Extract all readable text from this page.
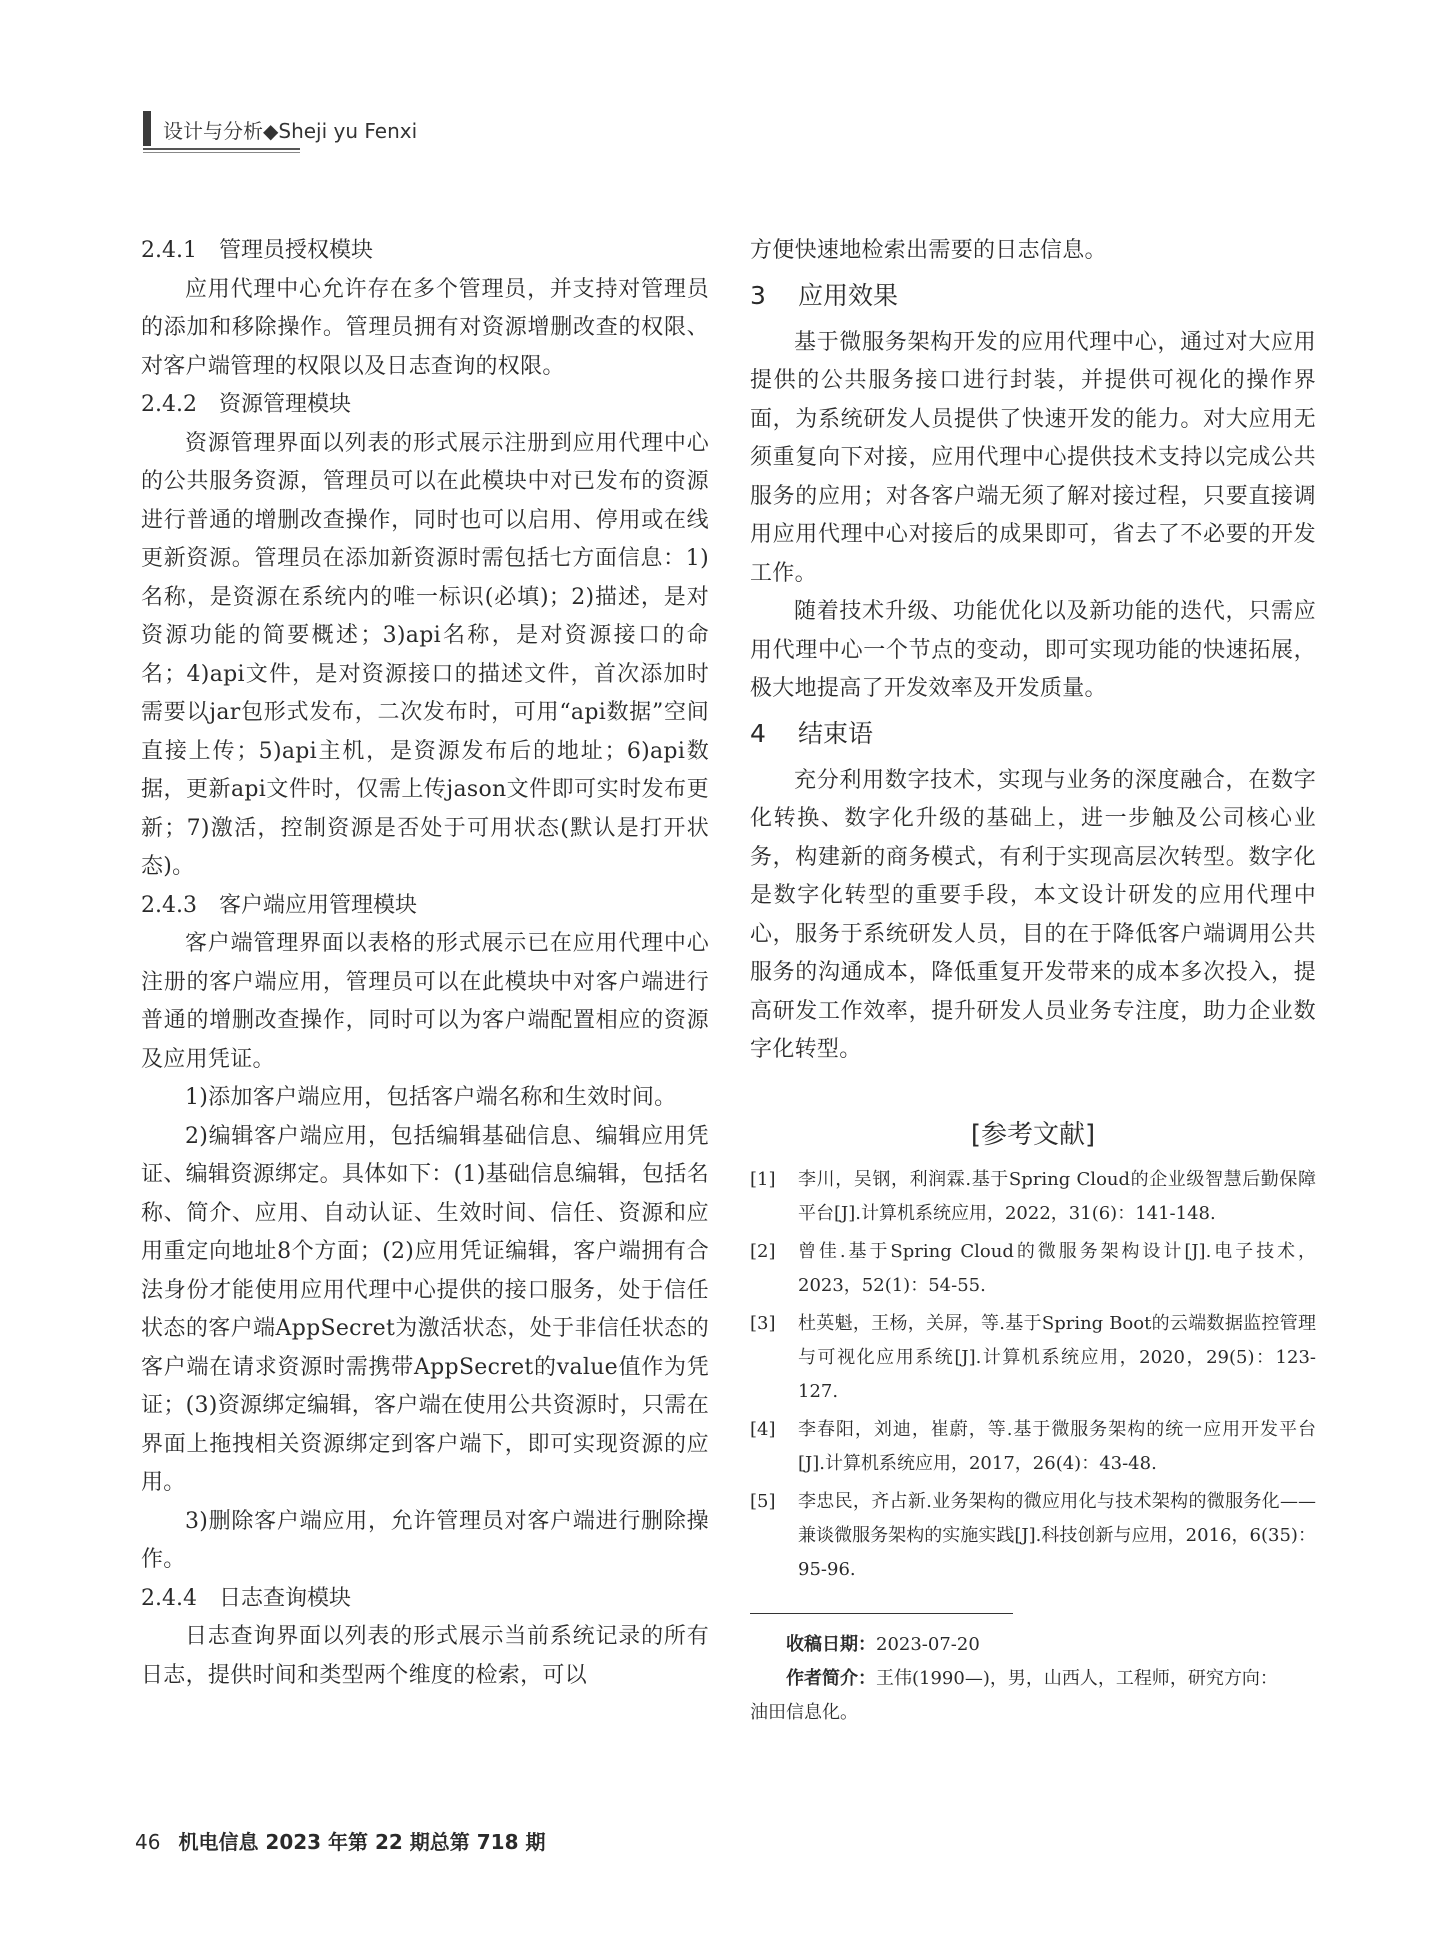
设计与分析◆Sheji yu Fenxi
2.4.1 管理员授权模块
应用代理中心允许存在多个管理员，并支持对管理员的添加和移除操作。管理员拥有对资源增删改查的权限、对客户端管理的权限以及日志查询的权限。
2.4.2 资源管理模块
资源管理界面以列表的形式展示注册到应用代理中心的公共服务资源，管理员可以在此模块中对已发布的资源进行普通的增删改查操作，同时也可以启用、停用或在线更新资源。管理员在添加新资源时需包括七方面信息：1)名称，是资源在系统内的唯一标识(必填)；2)描述，是对资源功能的简要概述；3)api名称，是对资源接口的命名；4)api文件，是对资源接口的描述文件，首次添加时需要以jar包形式发布，二次发布时，可用“api数据”空间直接上传；5)api主机，是资源发布后的地址；6)api数据，更新api文件时，仅需上传jason文件即可实时发布更新；7)激活，控制资源是否处于可用状态(默认是打开状态)。
2.4.3 客户端应用管理模块
客户端管理界面以表格的形式展示已在应用代理中心注册的客户端应用，管理员可以在此模块中对客户端进行普通的增删改查操作，同时可以为客户端配置相应的资源及应用凭证。
1)添加客户端应用，包括客户端名称和生效时间。
2)编辑客户端应用，包括编辑基础信息、编辑应用凭证、编辑资源绑定。具体如下：(1)基础信息编辑，包括名称、简介、应用、自动认证、生效时间、信任、资源和应用重定向地址8个方面；(2)应用凭证编辑，客户端拥有合法身份才能使用应用代理中心提供的接口服务，处于信任状态的客户端AppSecret为激活状态，处于非信任状态的客户端在请求资源时需携带AppSecret的value值作为凭证；(3)资源绑定编辑，客户端在使用公共资源时，只需在界面上拖拽相关资源绑定到客户端下，即可实现资源的应用。
3)删除客户端应用，允许管理员对客户端进行删除操作。
2.4.4 日志查询模块
日志查询界面以列表的形式展示当前系统记录的所有日志，提供时间和类型两个维度的检索，可以
方便快速地检索出需要的日志信息。
3 应用效果
基于微服务架构开发的应用代理中心，通过对大应用提供的公共服务接口进行封装，并提供可视化的操作界面，为系统研发人员提供了快速开发的能力。对大应用无须重复向下对接，应用代理中心提供技术支持以完成公共服务的应用；对各客户端无须了解对接过程，只要直接调用应用代理中心对接后的成果即可，省去了不必要的开发工作。
随着技术升级、功能优化以及新功能的迭代，只需应用代理中心一个节点的变动，即可实现功能的快速拓展，极大地提高了开发效率及开发质量。
4 结束语
充分利用数字技术，实现与业务的深度融合，在数字化转换、数字化升级的基础上，进一步触及公司核心业务，构建新的商务模式，有利于实现高层次转型。数字化是数字化转型的重要手段，本文设计研发的应用代理中心，服务于系统研发人员，目的在于降低客户端调用公共服务的沟通成本，降低重复开发带来的成本多次投入，提高研发工作效率，提升研发人员业务专注度，助力企业数字化转型。
[参考文献]
[1]	李川，吴钢，利润霖.基于Spring Cloud的企业级智慧后勤保障平台[J].计算机系统应用，2022，31(6)：141-148.
[2]	曾佳.基于Spring Cloud的微服务架构设计[J].电子技术，2023，52(1)：54-55.
[3]	杜英魁，王杨，关屏，等.基于Spring Boot的云端数据监控管理与可视化应用系统[J].计算机系统应用，2020，29(5)：123-127.
[4]	李春阳，刘迪，崔蔚，等.基于微服务架构的统一应用开发平台[J].计算机系统应用，2017，26(4)：43-48.
[5]	李忠民，齐占新.业务架构的微应用化与技术架构的微服务化——兼谈微服务架构的实施实践[J].科技创新与应用，2016，6(35)：95-96.
收稿日期：2023-07-20
作者简介：王伟(1990—)，男，山西人，工程师，研究方向：
油田信息化。
46 机电信息 2023 年第 22 期总第 718 期
